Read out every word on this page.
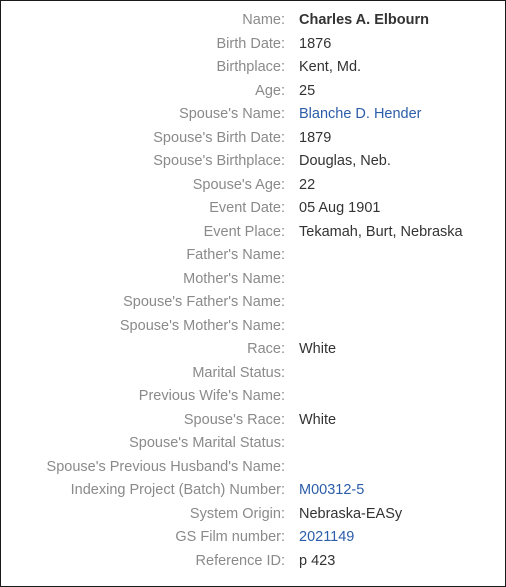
Name: Charles A. Elbourn
Birth Date: 1876
Birthplace: Kent, Md.
Age: 25
Spouse's Name: Blanche D. Hender
Spouse's Birth Date: 1879
Spouse's Birthplace: Douglas, Neb.
Spouse's Age: 22
Event Date: 05 Aug 1901
Event Place: Tekamah, Burt, Nebraska
Father's Name:
Mother's Name:
Spouse's Father's Name:
Spouse's Mother's Name:
Race: White
Marital Status:
Previous Wife's Name:
Spouse's Race: White
Spouse's Marital Status:
Spouse's Previous Husband's Name:
Indexing Project (Batch) Number: M00312-5
System Origin: Nebraska-EASy
GS Film number: 2021149
Reference ID: p 423
